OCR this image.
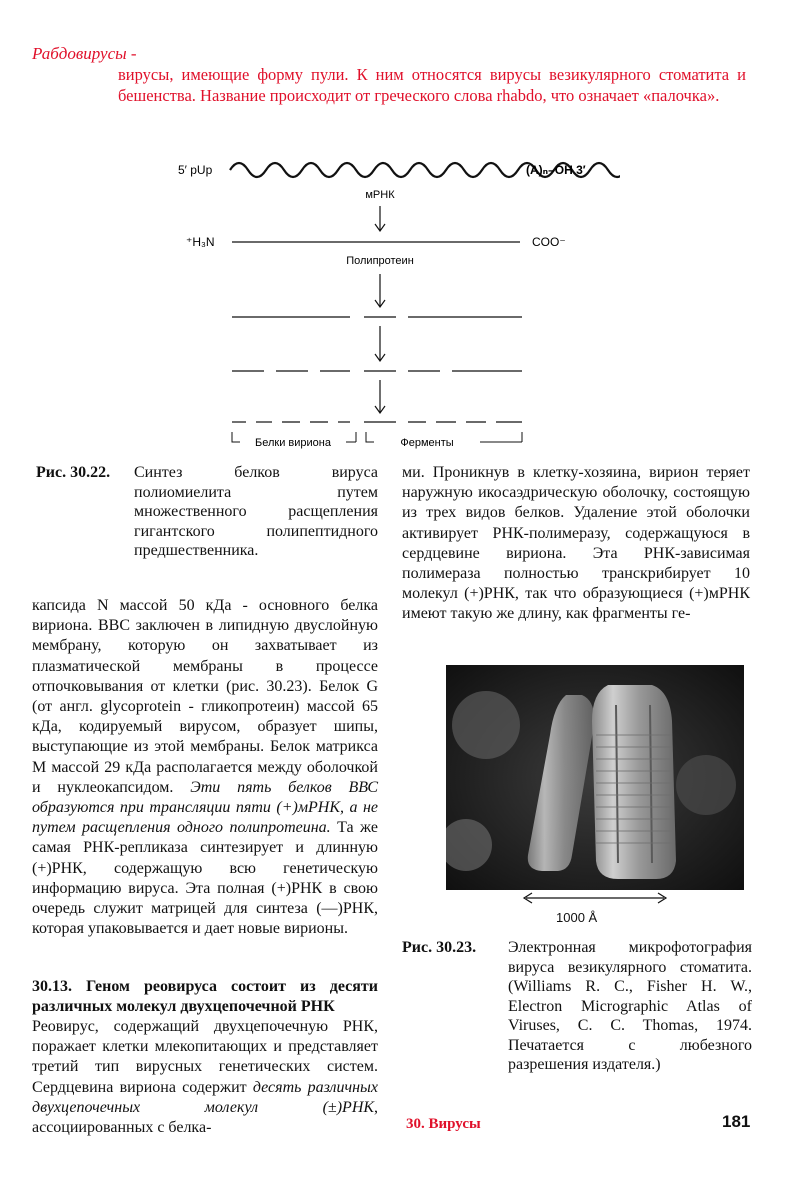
Рабдовирусы -
вирусы, имеющие форму пули. К ним относятся вирусы везикулярного стоматита и бешенства. Название происходит от греческого слова rhabdo, что означает «палочка».
5′ pUp	(A)ₙ–OH 3′
мРНК
⁺H₃N	COO⁻
Полипротеин
Белки вириона	Ферменты
Рис. 30.22. Синтез белков вируса полиомиелита путем множественного расщепления гигантского полипептидного предшественника.
капсида N массой 50 кДа - основного белка вириона. ВВС заключен в липидную двуслойную мембрану, которую он захватывает из плазматической мембраны в процессе отпочковывания от клетки (рис. 30.23). Белок G (от англ. glycoprotein - гликопротеин) массой 65 кДа, кодируемый вирусом, образует шипы, выступающие из этой мембраны. Белок матрикса M массой 29 кДа располагается между оболочкой и нуклеокапсидом. Эти пять белков ВВС образуются при трансляции пяти (+)мРНК, а не путем расщепления одного полипротеина. Та же самая РНК-репликаза синтезирует и длинную (+)РНК, содержащую всю генетическую информацию вируса. Эта полная (+)РНК в свою очередь служит матрицей для синтеза (—)РНК, которая упаковывается и дает новые вирионы.
30.13. Геном реовируса состоит из десяти различных молекул двухцепочечной РНК
Реовирус, содержащий двухцепочечную РНК, поражает клетки млекопитающих и представляет третий тип вирусных генетических систем. Сердцевина вириона содержит десять различных двухцепочечных молекул (±)РНК, ассоциированных с белка-
ми. Проникнув в клетку-хозяина, вирион теряет наружную икосаэдрическую оболочку, состоящую из трех видов белков. Удаление этой оболочки активирует РНК-полимеразу, содержащуюся в сердцевине вириона. Эта РНК-зависимая полимераза полностью транскрибирует 10 молекул (+)РНК, так что образующиеся (+)мРНК имеют такую же длину, как фрагменты ге-
1000 Å
Рис. 30.23. Электронная микрофотография вируса везикулярного стоматита. (Williams R. C., Fisher H. W., Electron Micrographic Atlas of Viruses, C. C. Thomas, 1974. Печатается с любезного разрешения издателя.)
30. Вирусы	181
